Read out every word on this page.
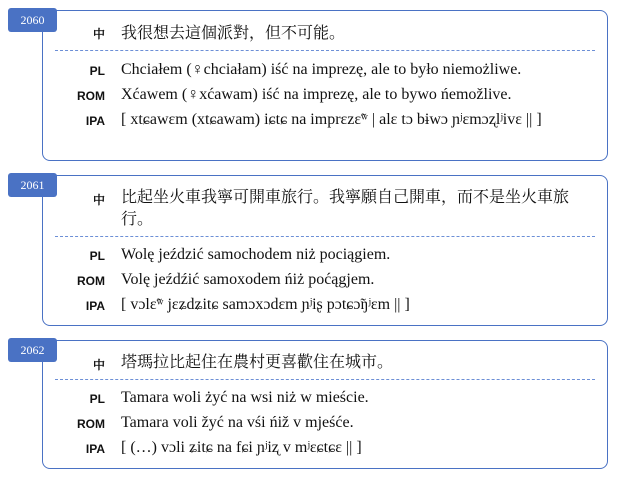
中 我很想去這個派對，但不可能。
PL Chciałem (♀chciałam) iść na imprezę, ale to było niemożliwe.
ROM Xćawem (♀xćawam) iść na imprezę, ale to bywo ńemožlive.
IPA [ xtɕawɛm (xtɕawam) iɕtɕ na imprɛzɛ̃ʷ | alɛ tɔ bɨwɔ ɲʲɛmɔʐlʲivɛ || ]
2060
中 比起坐火車我寧可開車旅行。我寧願自己開車，而不是坐火車旅行。
PL Wolę jeździć samochodem niż pociągiem.
ROM Volę jeźdźić samoxodem ńiż poćągjem.
IPA [ vɔlɛ̃ʷ jɛʑdʑitɕ samɔxɔdɛm ɲʲiʂ pɔtɕɔ̃ŋʲɛm || ]
2061
中 塔瑪拉比起住在農村更喜歡住在城市。
PL Tamara woli żyć na wsi niż w mieście.
ROM Tamara voli žyć na vśi ńiž v mjeśće.
IPA [ (…) vɔli ʑitɕ na fɕi ɲʲiʐ v mʲɛɕtɕɛ || ]
2062
